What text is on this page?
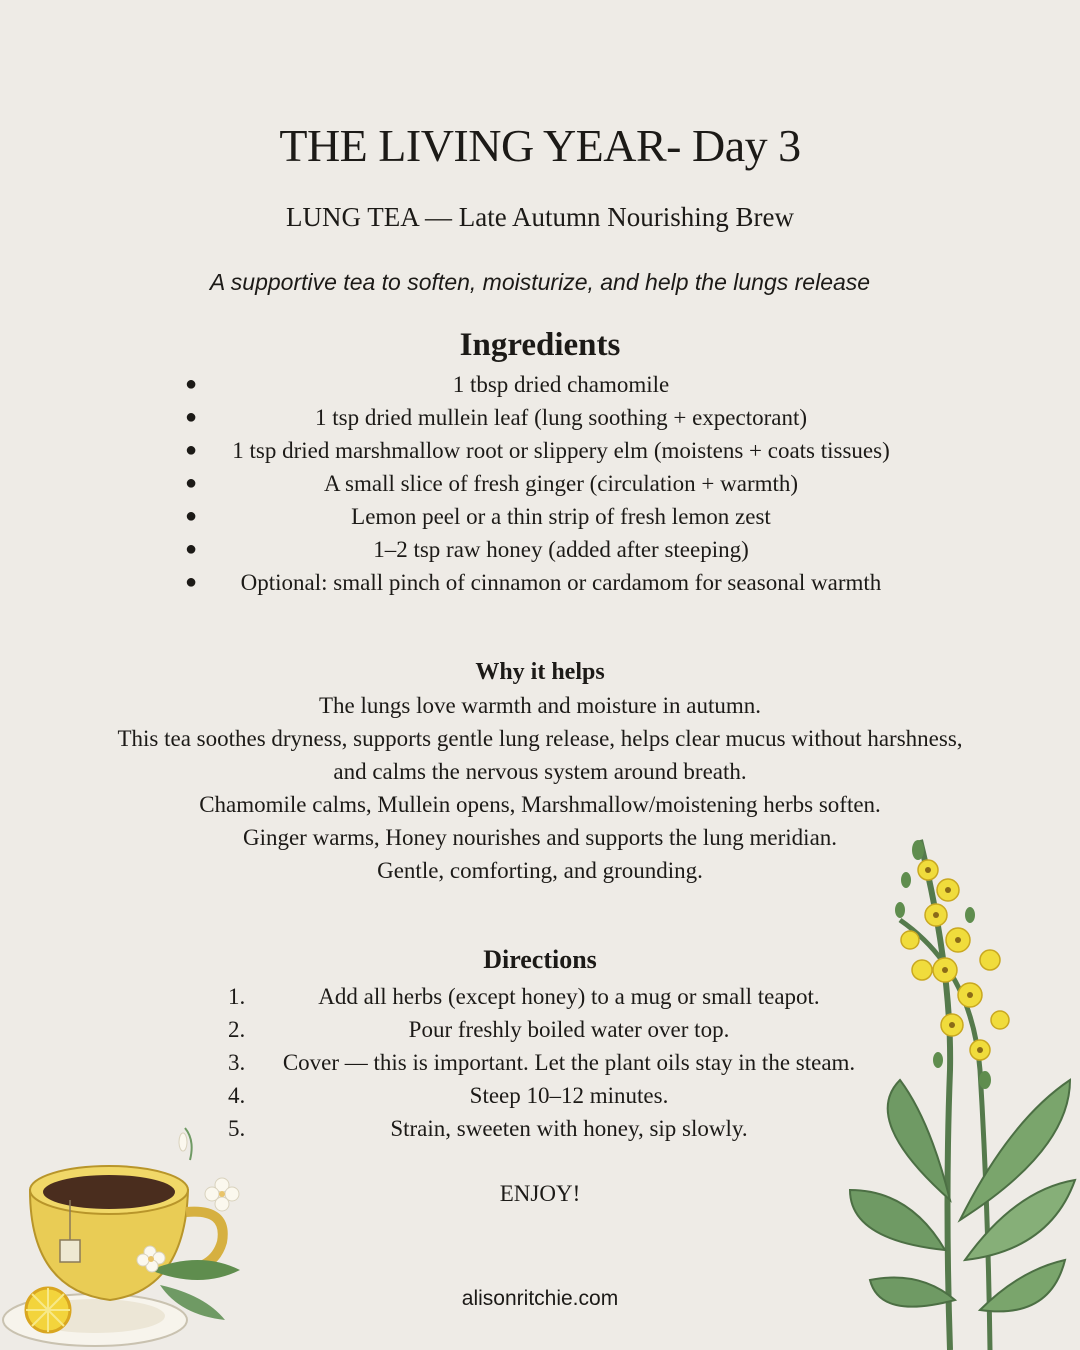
THE LIVING YEAR- Day 3
LUNG TEA — Late Autumn Nourishing Brew
A supportive tea to soften, moisturize, and help the lungs release
Ingredients
●	1 tbsp dried chamomile
●	1 tsp dried mullein leaf (lung soothing + expectorant)
● 1 tsp dried marshmallow root or slippery elm (moistens + coats tissues)
●	A small slice of fresh ginger (circulation + warmth)
●	Lemon peel or a thin strip of fresh lemon zest
●	1–2 tsp raw honey (added after steeping)
● Optional: small pinch of cinnamon or cardamom for seasonal warmth
Why it helps
The lungs love warmth and moisture in autumn.
This tea soothes dryness, supports gentle lung release, helps clear mucus without harshness,
and calms the nervous system around breath.
Chamomile calms, Mullein opens, Marshmallow/moistening herbs soften.
Ginger warms, Honey nourishes and supports the lung meridian.
Gentle, comforting, and grounding.
Directions
1.	Add all herbs (except honey) to a mug or small teapot.
2.	Pour freshly boiled water over top.
3. Cover — this is important. Let the plant oils stay in the steam.
4.	Steep 10–12 minutes.
5.	Strain, sweeten with honey, sip slowly.
ENJOY!
alisonritchie.com
